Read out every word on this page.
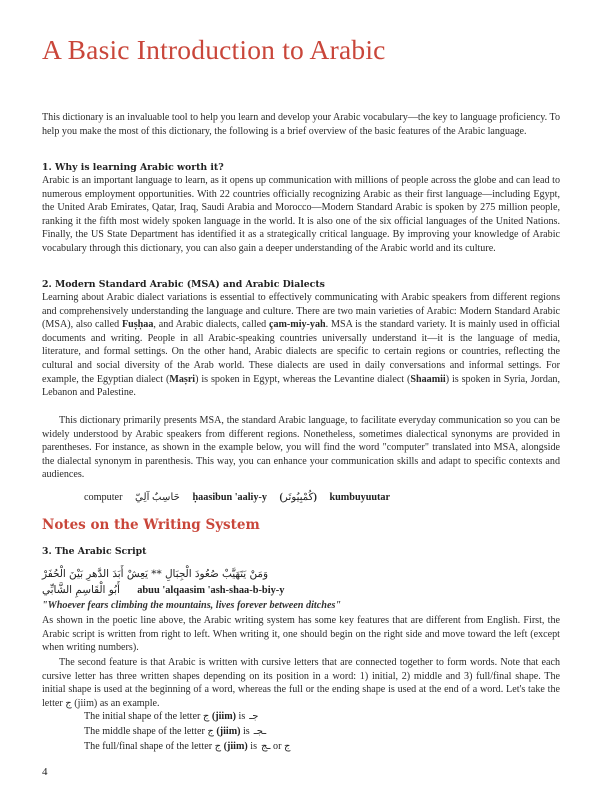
A Basic Introduction to Arabic

This dictionary is an invaluable tool to help you learn and develop your Arabic vocabulary—the key to language proficiency. To help you make the most of this dictionary, the following is a brief overview of the basic features of the Arabic language.

1. Why is learning Arabic worth it?

Arabic is an important language to learn, as it opens up communication with millions of people across the globe and can lead to numerous employment opportunities. With 22 countries officially recognizing Arabic as their first language—including Egypt, the United Arab Emirates, Qatar, Iraq, Saudi Arabia and Morocco—Modern Standard Arabic is spoken by 275 million people, ranking it the fifth most widely spoken language in the world. It is also one of the six official languages of the United Nations. Finally, the US State Department has identified it as a strategically critical language. By improving your knowledge of Arabic vocabulary through this dictionary, you can also gain a deeper understanding of the Arabic world and its culture.

2. Modern Standard Arabic (MSA) and Arabic Dialects

Learning about Arabic dialect variations is essential to effectively communicating with Arabic speakers from different regions and comprehensively understanding the language and culture. There are two main varieties of Arabic: Modern Standard Arabic (MSA), also called Fuṣḥaa, and Arabic dialects, called ҫam-miy-yah. MSA is the standard variety. It is mainly used in official documents and writing. People in all Arabic-speaking countries universally understand it—it is the language of media, literature, and formal settings. On the other hand, Arabic dialects are specific to certain regions or countries, reflecting the cultural and social diversity of the Arab world. These dialects are used in daily conversations and informal settings. For example, the Egyptian dialect (Maṣri) is spoken in Egypt, whereas the Levantine dialect (Shaamii) is spoken in Syria, Jordan, Lebanon and Palestine.

This dictionary primarily presents MSA, the standard Arabic language, to facilitate everyday communication so you can be widely understood by Arabic speakers from different regions. Nonetheless, sometimes dialectical synonyms are provided in parentheses. For instance, as shown in the example below, you will find the word "computer" translated into MSA, alongside the dialectal synonym in parenthesis. This way, you can enhance your communication skills and adapt to specific contexts and audiences.

computer حَاسِبٌ آلِيّ ḥaasibun 'aaliy-y (كُمْبِيُوتَر) kumbuyuutar
Notes on the Writing System
3. The Arabic Script
وَمَنْ يَتَهَيَّبْ صُعُودَ الْجِبَالِ ** يَعِشْ أَبَدَ الدَّهرِ بَيْنَ الْحُفَرْ
أَبُو الْقَاسِمِ الشَّابِّي abuu 'alqaasim 'ash-shaa-b-biy-y

"Whoever fears climbing the mountains, lives forever between ditches"

As shown in the poetic line above, the Arabic writing system has some key features that are different from English. First, the Arabic script is written from right to left. When writing it, one should begin on the right side and move toward the left (except when writing numbers).

The second feature is that Arabic is written with cursive letters that are connected together to form words. Note that each cursive letter has three written shapes depending on its position in a word: 1) initial, 2) middle and 3) full/final shape. The initial shape is used at the beginning of a word, whereas the full or the ending shape is used at the end of a word. Let's take the letter ج (jiim) as an example.

The initial shape of the letter ج (jiim) is جـ
The middle shape of the letter ج (jiim) is ـجـ
The full/final shape of the letter ج (jiim) is ج or ـج
4
